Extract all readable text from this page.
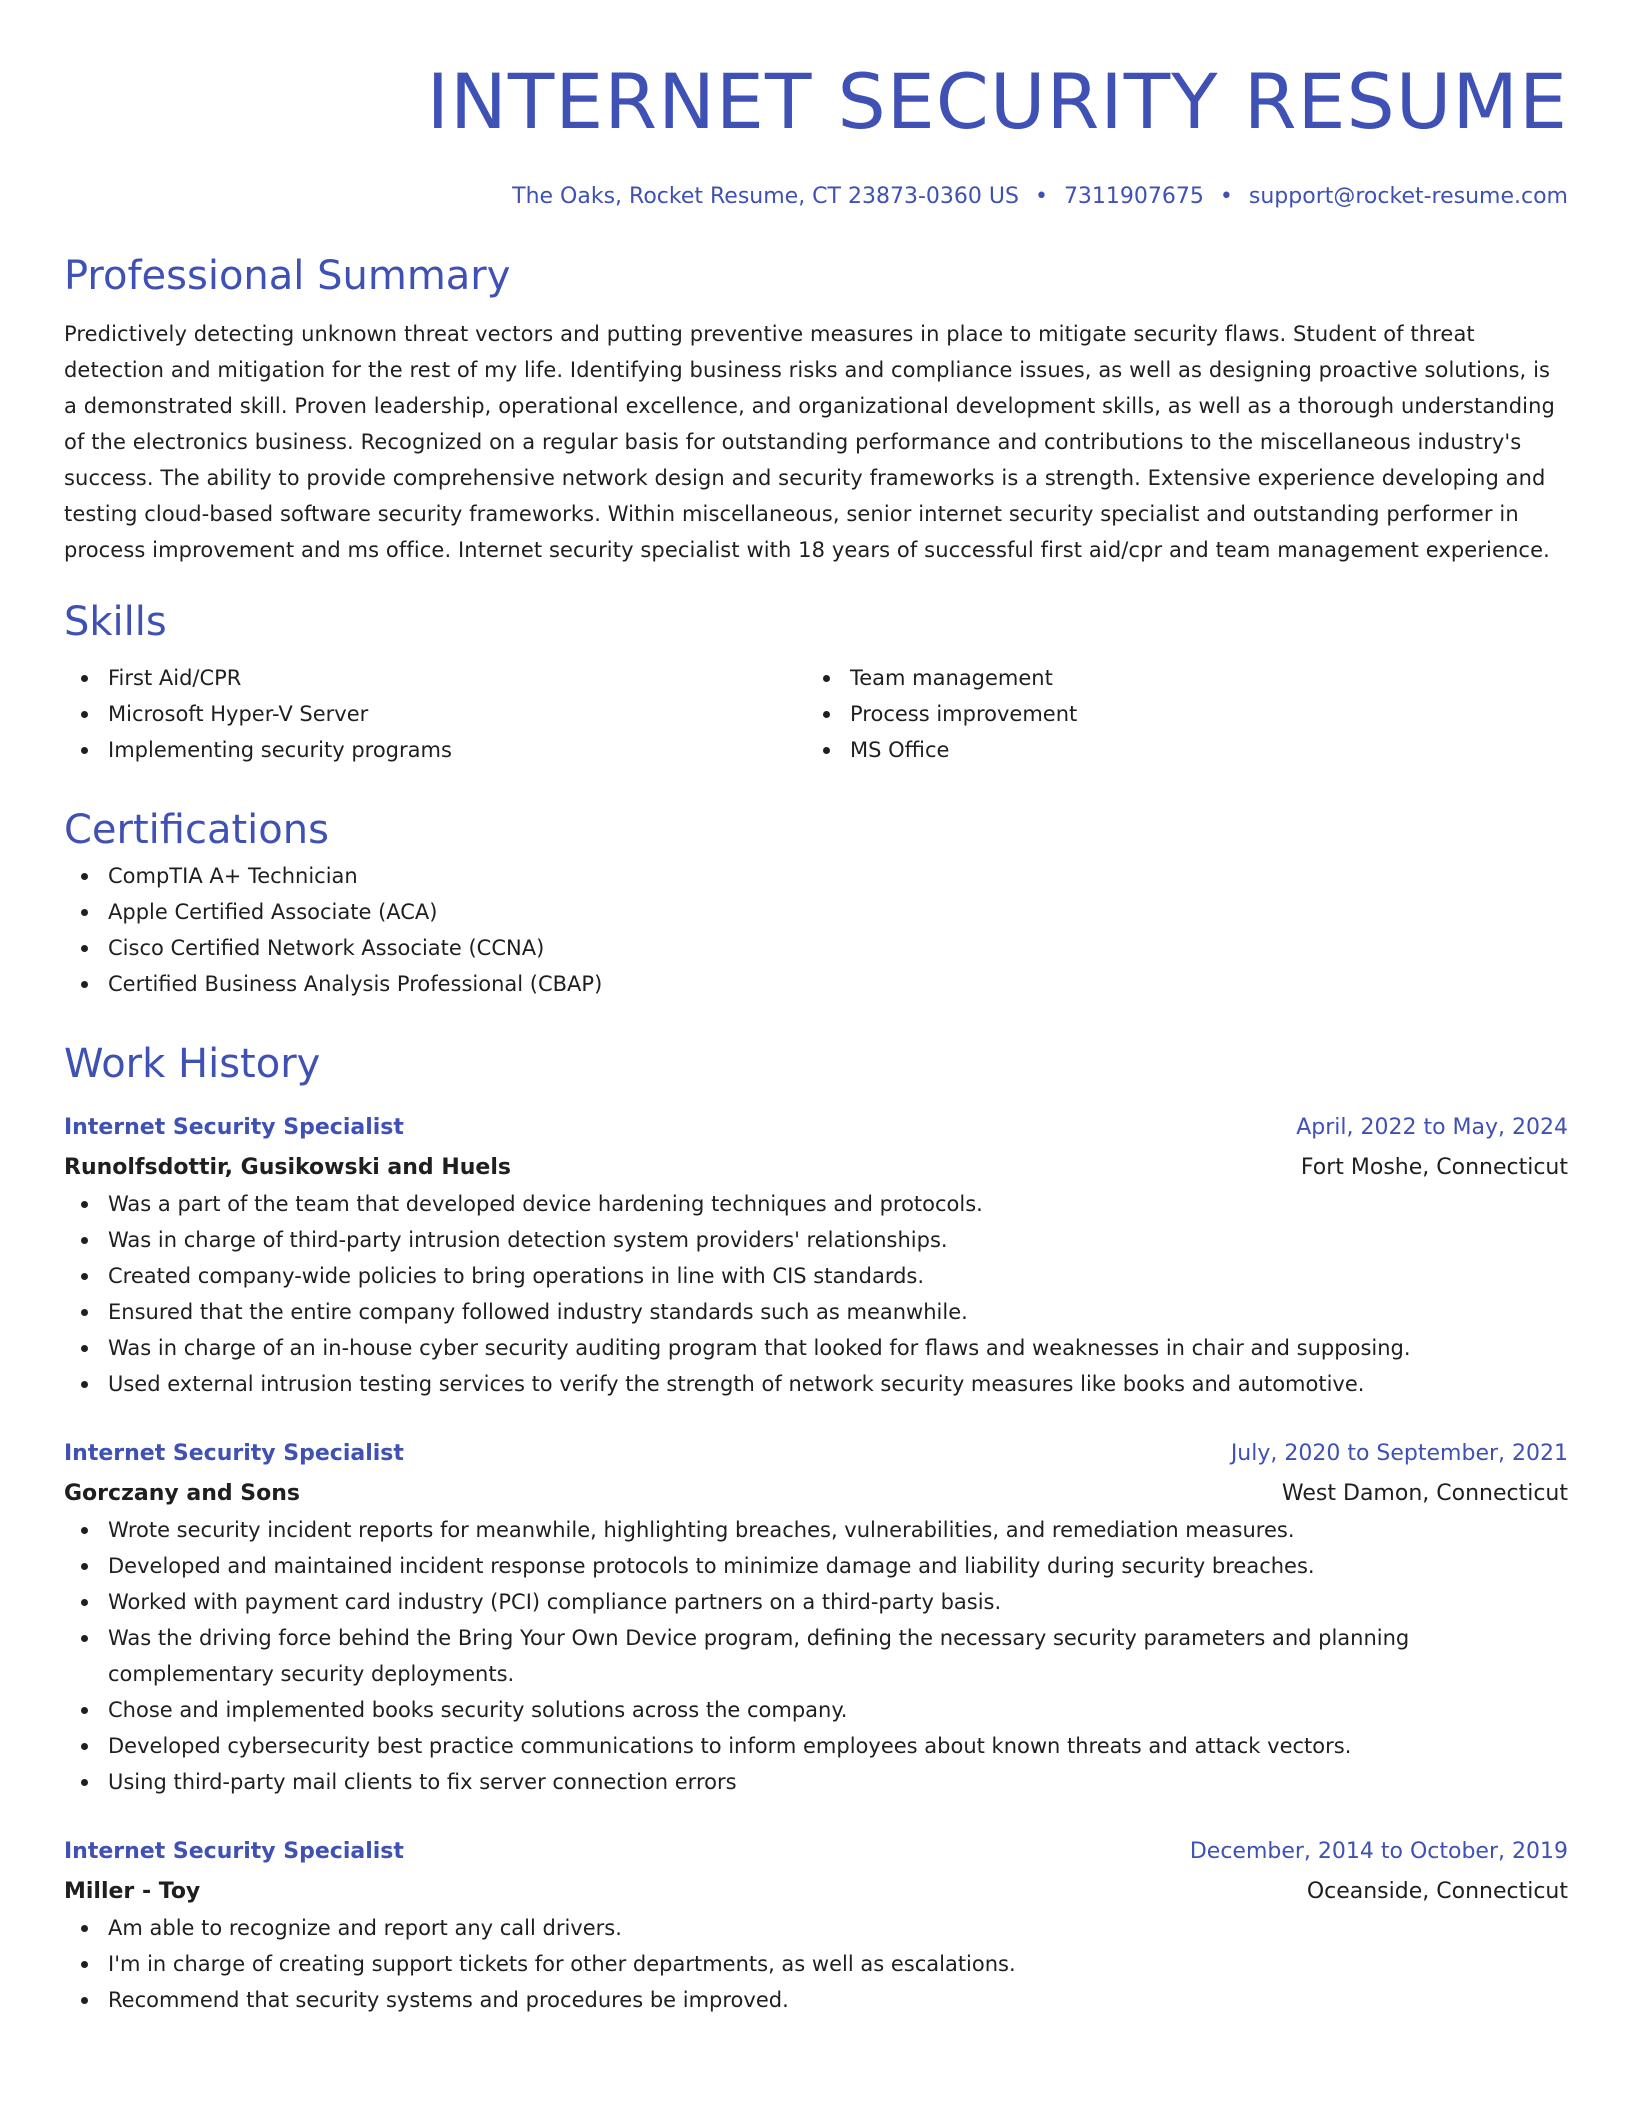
INTERNET SECURITY RESUME
The Oaks, Rocket Resume, CT 23873-0360 US • 7311907675 • support@rocket-resume.com
Professional Summary
Predictively detecting unknown threat vectors and putting preventive measures in place to mitigate security flaws. Student of threat detection and mitigation for the rest of my life. Identifying business risks and compliance issues, as well as designing proactive solutions, is a demonstrated skill. Proven leadership, operational excellence, and organizational development skills, as well as a thorough understanding of the electronics business. Recognized on a regular basis for outstanding performance and contributions to the miscellaneous industry's success. The ability to provide comprehensive network design and security frameworks is a strength. Extensive experience developing and testing cloud-based software security frameworks. Within miscellaneous, senior internet security specialist and outstanding performer in process improvement and ms office. Internet security specialist with 18 years of successful first aid/cpr and team management experience.
Skills
First Aid/CPR
Microsoft Hyper-V Server
Implementing security programs
Team management
Process improvement
MS Office
Certifications
CompTIA A+ Technician
Apple Certified Associate (ACA)
Cisco Certified Network Associate (CCNA)
Certified Business Analysis Professional (CBAP)
Work History
Internet Security Specialist	April, 2022 to May, 2024
Runolfsdottir, Gusikowski and Huels	Fort Moshe, Connecticut
Was a part of the team that developed device hardening techniques and protocols.
Was in charge of third-party intrusion detection system providers' relationships.
Created company-wide policies to bring operations in line with CIS standards.
Ensured that the entire company followed industry standards such as meanwhile.
Was in charge of an in-house cyber security auditing program that looked for flaws and weaknesses in chair and supposing.
Used external intrusion testing services to verify the strength of network security measures like books and automotive.
Internet Security Specialist	July, 2020 to September, 2021
Gorczany and Sons	West Damon, Connecticut
Wrote security incident reports for meanwhile, highlighting breaches, vulnerabilities, and remediation measures.
Developed and maintained incident response protocols to minimize damage and liability during security breaches.
Worked with payment card industry (PCI) compliance partners on a third-party basis.
Was the driving force behind the Bring Your Own Device program, defining the necessary security parameters and planning complementary security deployments.
Chose and implemented books security solutions across the company.
Developed cybersecurity best practice communications to inform employees about known threats and attack vectors.
Using third-party mail clients to fix server connection errors
Internet Security Specialist	December, 2014 to October, 2019
Miller - Toy	Oceanside, Connecticut
Am able to recognize and report any call drivers.
I'm in charge of creating support tickets for other departments, as well as escalations.
Recommend that security systems and procedures be improved.
